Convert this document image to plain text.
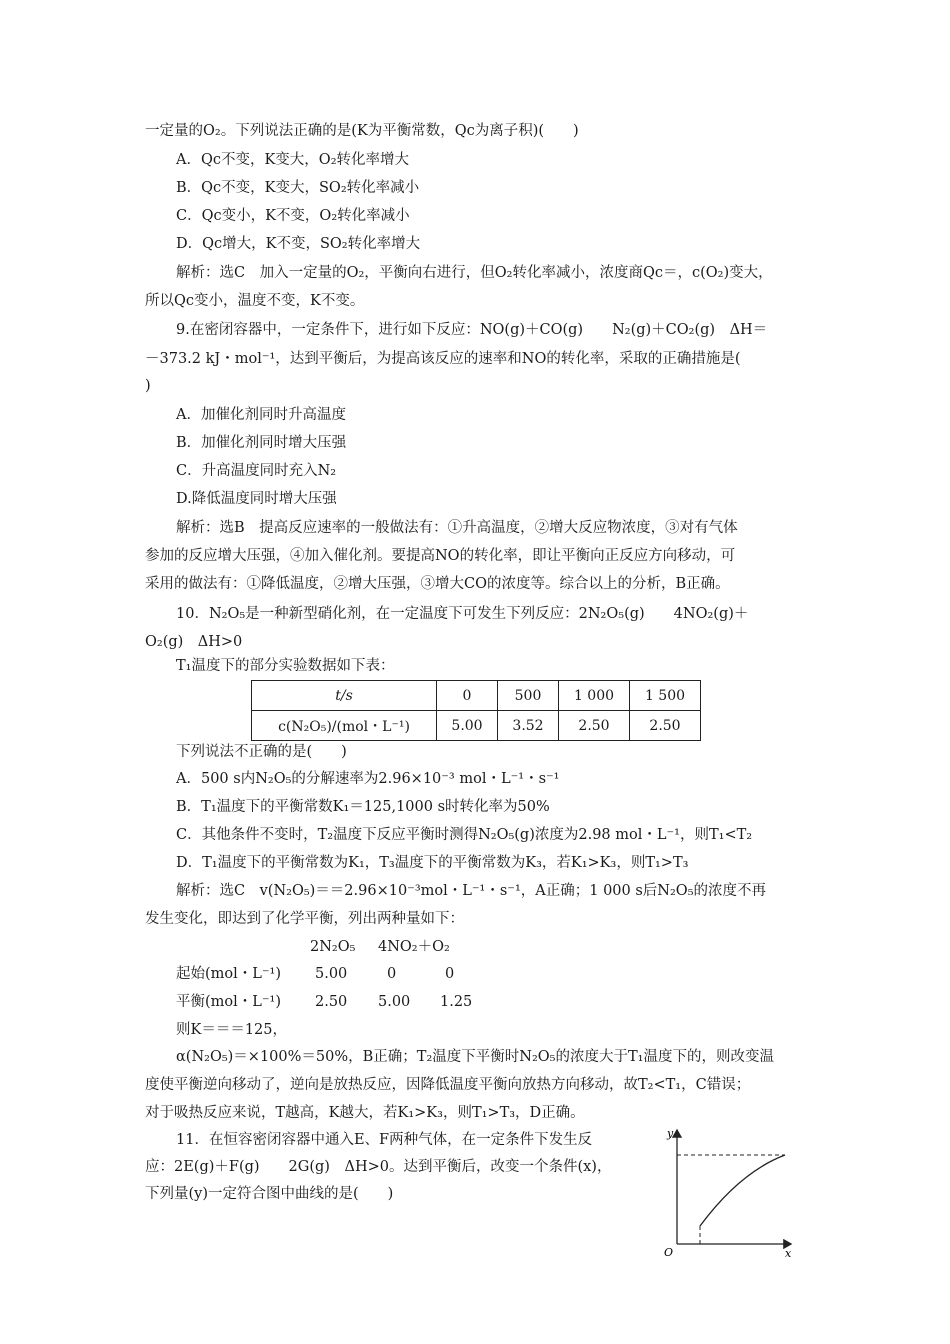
一定量的O₂。下列说法正确的是(K为平衡常数，Qc为离子积)(　　)
A．Qc不变，K变大，O₂转化率增大
B．Qc不变，K变大，SO₂转化率减小
C．Qc变小，K不变，O₂转化率减小
D．Qc增大，K不变，SO₂转化率增大
解析：选C　加入一定量的O₂，平衡向右进行，但O₂转化率减小，浓度商Qc＝，c(O₂)变大，
所以Qc变小，温度不变，K不变。
9.在密闭容器中，一定条件下，进行如下反应：NO(g)＋CO(g)　　N₂(g)＋CO₂(g)　ΔH＝
－373.2 kJ・mol⁻¹，达到平衡后，为提高该反应的速率和NO的转化率，采取的正确措施是(
)
A．加催化剂同时升高温度
B．加催化剂同时增大压强
C．升高温度同时充入N₂
D.降低温度同时增大压强
解析：选B　提高反应速率的一般做法有：①升高温度，②增大反应物浓度，③对有气体
参加的反应增大压强，④加入催化剂。要提高NO的转化率，即让平衡向正反应方向移动，可
采用的做法有：①降低温度，②增大压强，③增大CO的浓度等。综合以上的分析，B正确。
10．N₂O₅是一种新型硝化剂，在一定温度下可发生下列反应：2N₂O₅(g)　　4NO₂(g)＋
O₂(g)　ΔH>0
T₁温度下的部分实验数据如下表：
t/s	0	500	1 000	1 500
c(N₂O₅)/(mol・L⁻¹)	5.00	3.52	2.50	2.50
下列说法不正确的是(　　)
A．500 s内N₂O₅的分解速率为2.96×10⁻³ mol・L⁻¹・s⁻¹
B．T₁温度下的平衡常数K₁＝125,1000 s时转化率为50%
C．其他条件不变时，T₂温度下反应平衡时测得N₂O₅(g)浓度为2.98 mol・L⁻¹，则T₁<T₂
D．T₁温度下的平衡常数为K₁，T₃温度下的平衡常数为K₃，若K₁>K₃，则T₁>T₃
解析：选C　v(N₂O₅)＝＝2.96×10⁻³mol・L⁻¹・s⁻¹，A正确；1 000 s后N₂O₅的浓度不再
发生变化，即达到了化学平衡，列出两种量如下：
2N₂O₅ 4NO₂＋O₂
起始(mol・L⁻¹) 5.00	0	0
平衡(mol・L⁻¹) 2.50 5.00 1.25
则K＝＝＝125，
α(N₂O₅)＝×100%＝50%，B正确；T₂温度下平衡时N₂O₅的浓度大于T₁温度下的，则改变温
度使平衡逆向移动了，逆向是放热反应，因降低温度平衡向放热方向移动，故T₂<T₁，C错误；
对于吸热反应来说，T越高，K越大，若K₁>K₃，则T₁>T₃，D正确。
11．在恒容密闭容器中通入E、F两种气体，在一定条件下发生反
应：2E(g)＋F(g)　　2G(g)　ΔH>0。达到平衡后，改变一个条件(x)，
下列量(y)一定符合图中曲线的是(　　)
y
x
O
